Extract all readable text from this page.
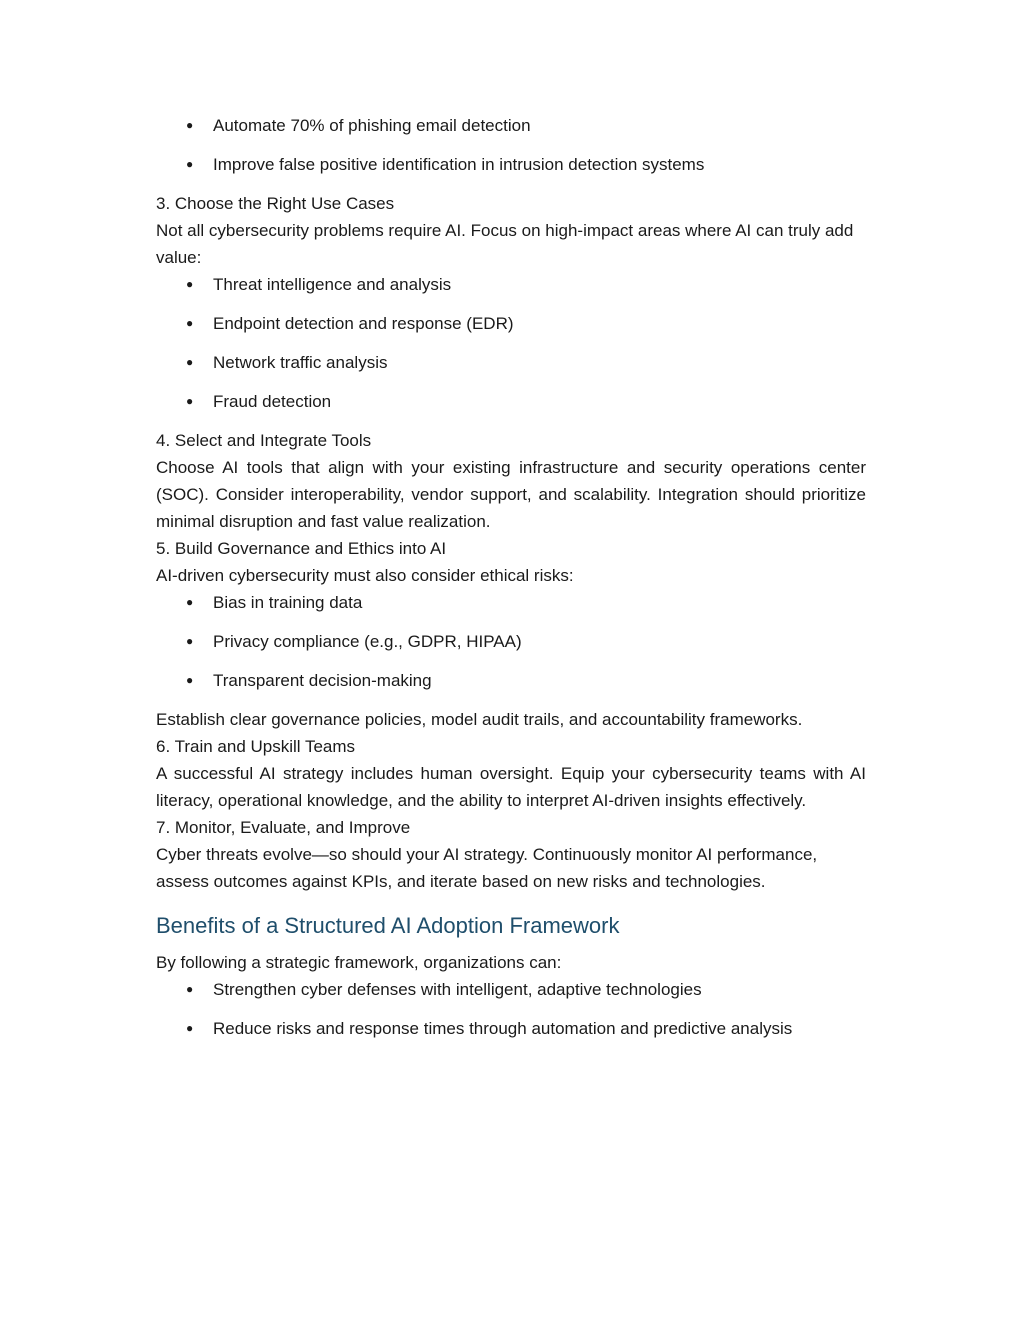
● Automate 70% of phishing email detection
● Improve false positive identification in intrusion detection systems

3. Choose the Right Use Cases

Not all cybersecurity problems require AI. Focus on high-impact areas where AI can truly add value:

● Threat intelligence and analysis
● Endpoint detection and response (EDR)
● Network traffic analysis
● Fraud detection

4. Select and Integrate Tools

Choose AI tools that align with your existing infrastructure and security operations center (SOC). Consider interoperability, vendor support, and scalability. Integration should prioritize minimal disruption and fast value realization.

5. Build Governance and Ethics into AI

AI-driven cybersecurity must also consider ethical risks:

● Bias in training data
● Privacy compliance (e.g., GDPR, HIPAA)
● Transparent decision-making

Establish clear governance policies, model audit trails, and accountability frameworks.

6. Train and Upskill Teams

A successful AI strategy includes human oversight. Equip your cybersecurity teams with AI literacy, operational knowledge, and the ability to interpret AI-driven insights effectively.

7. Monitor, Evaluate, and Improve

Cyber threats evolve—so should your AI strategy. Continuously monitor AI performance, assess outcomes against KPIs, and iterate based on new risks and technologies.

Benefits of a Structured AI Adoption Framework

By following a strategic framework, organizations can:

● Strengthen cyber defenses with intelligent, adaptive technologies
● Reduce risks and response times through automation and predictive analysis
